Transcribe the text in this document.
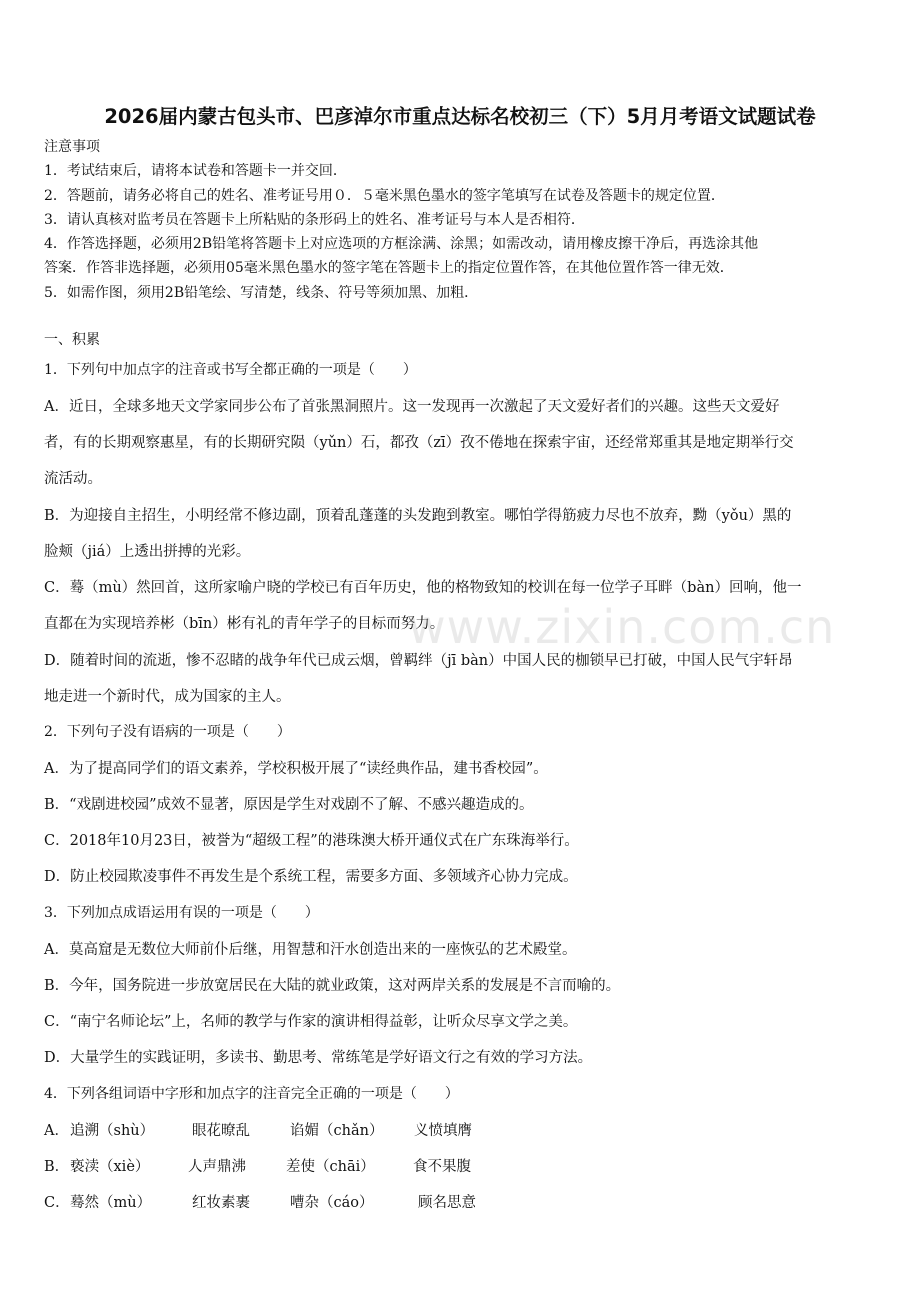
2026届内蒙古包头市、巴彦淖尔市重点达标名校初三（下）5月月考语文试题试卷
注意事项
1．考试结束后，请将本试卷和答题卡一并交回．
2．答题前，请务必将自己的姓名、准考证号用０．５毫米黑色墨水的签字笔填写在试卷及答题卡的规定位置．
3．请认真核对监考员在答题卡上所粘贴的条形码上的姓名、准考证号与本人是否相符．
4．作答选择题，必须用2B铅笔将答题卡上对应选项的方框涂满、涂黑；如需改动，请用橡皮擦干净后，再选涂其他
答案．作答非选择题，必须用05毫米黑色墨水的签字笔在答题卡上的指定位置作答，在其他位置作答一律无效．
5．如需作图，须用2B铅笔绘、写清楚，线条、符号等须加黑、加粗．
一、积累
1．下列句中加点字的注音或书写全都正确的一项是（　　）
A．近日，全球多地天文学家同步公布了首张黑洞照片。这一发现再一次激起了天文爱好者们的兴趣。这些天文爱好
者，有的长期观察惠星，有的长期研究陨（yǔn）石，都孜（zī）孜不倦地在探索宇宙，还经常郑重其是地定期举行交
流活动。
B．为迎接自主招生，小明经常不修边副，顶着乱蓬蓬的头发跑到教室。哪怕学得筋疲力尽也不放弃，黝（yǒu）黑的
脸颊（jiá）上透出拼搏的光彩。
C．蓦（mù）然回首，这所家喻户晓的学校已有百年历史，他的格物致知的校训在每一位学子耳畔（bàn）回响，他一
直都在为实现培养彬（bīn）彬有礼的青年学子的目标而努力。
D．随着时间的流逝，惨不忍睹的战争年代已成云烟，曾羁绊（jī bàn）中国人民的枷锁早已打破，中国人民气宇轩昂
地走进一个新时代，成为国家的主人。
2．下列句子没有语病的一项是（　　）
A．为了提高同学们的语文素养，学校积极开展了“读经典作品，建书香校园”。
B．“戏剧进校园”成效不显著，原因是学生对戏剧不了解、不感兴趣造成的。
C．2018年10月23日，被誉为“超级工程”的港珠澳大桥开通仪式在广东珠海举行。
D．防止校园欺凌事件不再发生是个系统工程，需要多方面、多领域齐心协力完成。
3．下列加点成语运用有误的一项是（　　）
A．莫高窟是无数位大师前仆后继，用智慧和汗水创造出来的一座恢弘的艺术殿堂。
B．今年，国务院进一步放宽居民在大陆的就业政策，这对两岸关系的发展是不言而喻的。
C．“南宁名师论坛”上，名师的教学与作家的演讲相得益彰，让听众尽享文学之美。
D．大量学生的实践证明，多读书、勤思考、常练笔是学好语文行之有效的学习方法。
4．下列各组词语中字形和加点字的注音完全正确的一项是（　　）
A．追溯（shù）	眼花暸乱	谄媚（chǎn） 义愤填膺
B．亵渎（xiè）	人声鼎沸	差使（chāi）	食不果腹
C．蓦然（mù）	红妆素裹	嘈杂（cáo）	顾名思意
www.zixin.com.cn
